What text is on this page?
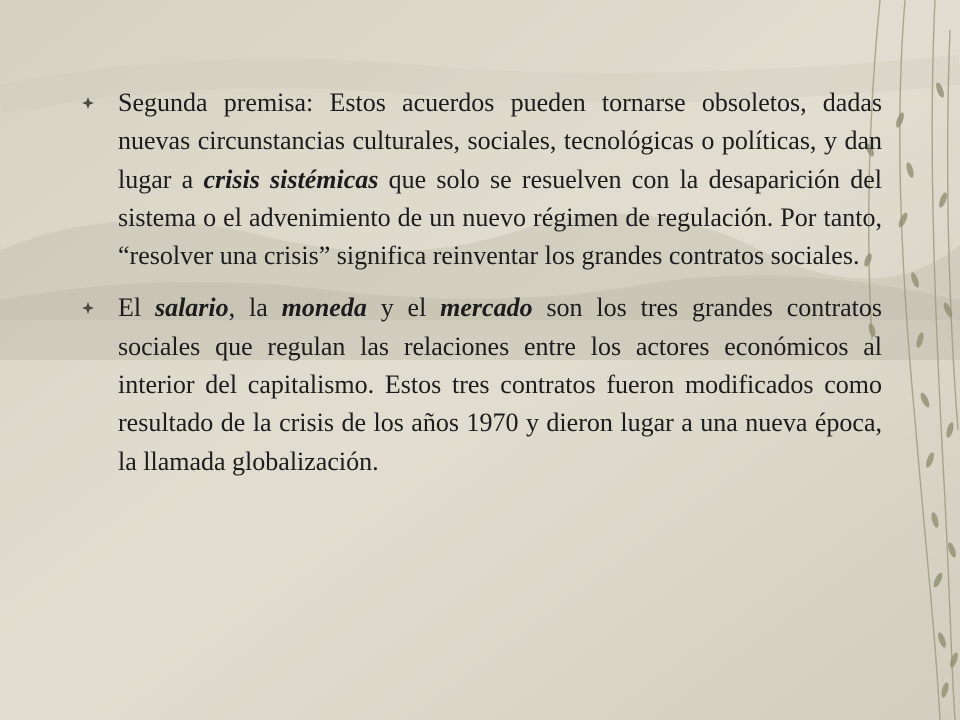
Segunda premisa: Estos acuerdos pueden tornarse obsoletos, dadas nuevas circunstancias culturales, sociales, tecnológicas o políticas, y dan lugar a crisis sistémicas que solo se resuelven con la desaparición del sistema o el advenimiento de un nuevo régimen de regulación. Por tanto, “resolver una crisis” significa reinventar los grandes contratos sociales.
El salario, la moneda y el mercado son los tres grandes contratos sociales que regulan las relaciones entre los actores económicos al interior del capitalismo. Estos tres contratos fueron modificados como resultado de la crisis de los años 1970 y dieron lugar a una nueva época, la llamada globalización.
